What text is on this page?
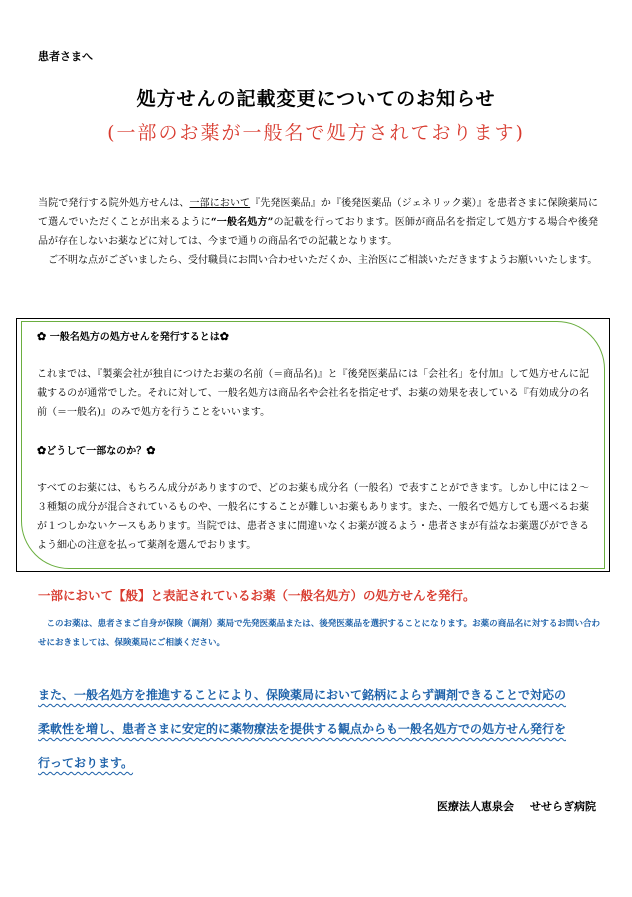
患者さまへ
処方せんの記載変更についてのお知らせ
(一部のお薬が一般名で処方されております)

当院で発行する院外処方せんは、一部において『先発医薬品』か『後発医薬品（ジェネリック薬）』を患者さまに保険薬局にて選んでいただくことが出来るように“一般名処方”の記載を行っております。医師が商品名を指定して処方する場合や後発品が存在しないお薬などに対しては、今まで通りの商品名での記載となります。

ご不明な点がございましたら、受付職員にお問い合わせいただくか、主治医にご相談いただきますようお願いいたします。

✿ 一般名処方の処方せんを発行するとは✿

これまでは、『製薬会社が独自につけたお薬の名前（＝商品名)』と『後発医薬品には「会社名」を付加』して処方せんに記載するのが通常でした。それに対して、一般名処方は商品名や会社名を指定せず、お薬の効果を表している『有効成分の名前（＝一般名)』のみで処方を行うことをいいます。

✿どうして一部なのか？✿

すべてのお薬には、もちろん成分がありますので、どのお薬も成分名（一般名）で表すことができます。しかし中には２～３種類の成分が混合されているものや、一般名にすることが難しいお薬もあります。また、一般名で処方しても選べるお薬が１つしかないケースもあります。当院では、患者さまに間違いなくお薬が渡るよう・患者さまが有益なお薬選びができるよう細心の注意を払って薬剤を選んでおります。

一部において【般】と表記されているお薬（一般名処方）の処方せんを発行。

このお薬は、患者さまご自身が保険（調剤）薬局で先発医薬品または、後発医薬品を選択することになります。お薬の商品名に対するお問い合わせにおきましては、保険薬局にご相談ください。

また、一般名処方を推進することにより、保険薬局において銘柄によらず調剤できることで対応の

柔軟性を増し、患者さまに安定的に薬物療法を提供する観点からも一般名処方での処方せん発行を

行っております。

医療法人恵泉会 せせらぎ病院
